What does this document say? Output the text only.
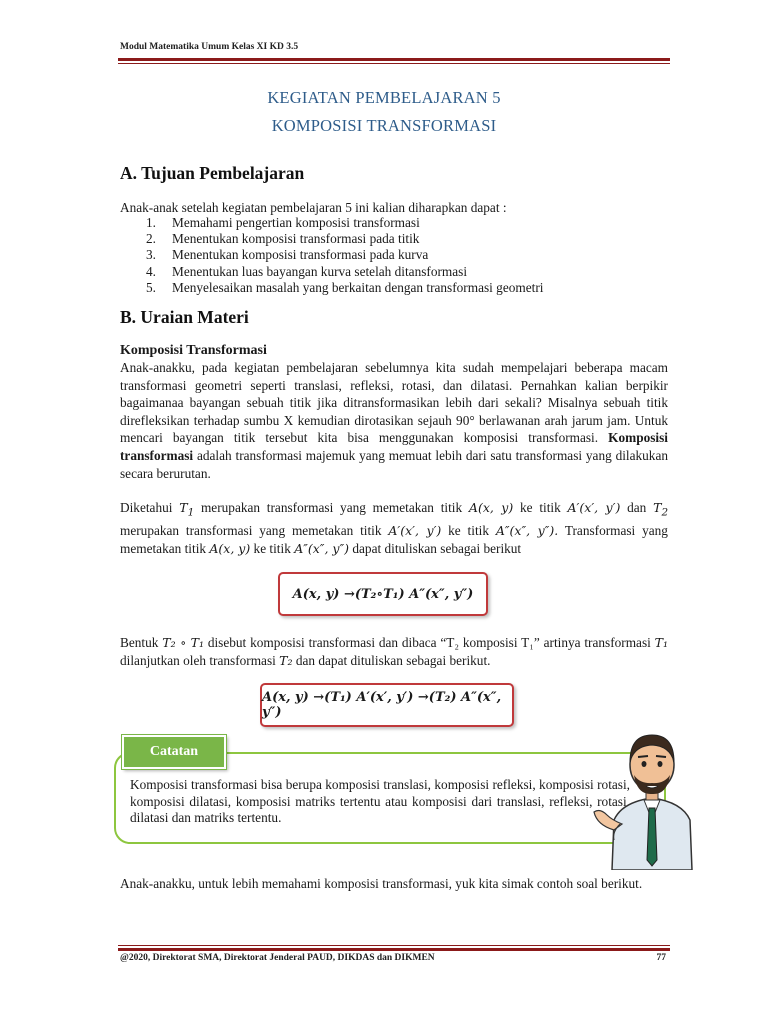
Modul Matematika Umum Kelas XI KD 3.5
KEGIATAN PEMBELAJARAN 5
KOMPOSISI TRANSFORMASI
A. Tujuan Pembelajaran
Anak-anak setelah kegiatan pembelajaran 5 ini kalian diharapkan dapat :
1.	Memahami pengertian komposisi transformasi
2.	Menentukan komposisi transformasi pada titik
3.	Menentukan komposisi transformasi pada kurva
4.	Menentukan luas bayangan kurva setelah ditansformasi
5.	Menyelesaikan masalah yang berkaitan dengan transformasi geometri
B. Uraian Materi
Komposisi Transformasi
Anak-anakku, pada kegiatan pembelajaran sebelumnya kita sudah mempelajari beberapa macam transformasi geometri seperti translasi, refleksi, rotasi, dan dilatasi. Pernahkan kalian berpikir bagaimanaa bayangan sebuah titik jika ditransformasikan lebih dari sekali? Misalnya sebuah titik direfleksikan terhadap sumbu X kemudian dirotasikan sejauh 90° berlawanan arah jarum jam. Untuk mencari bayangan titik tersebut kita bisa menggunakan komposisi transformasi. Komposisi transformasi adalah transformasi majemuk yang memuat lebih dari satu transformasi yang dilakukan secara berurutan.
Diketahui $T_1$ merupakan transformasi yang memetakan titik A(x, y) ke titik A′(x′, y′) dan $T_2$ merupakan transformasi yang memetakan titik A′(x′, y′) ke titik A″(x″, y″). Transformasi yang memetakan titik A(x, y) ke titik A″(x″, y″) dapat dituliskan sebagai berikut
A(x, y) →(T₂∘T₁) A″(x″, y″)
Bentuk T₂ ∘ T₁ disebut komposisi transformasi dan dibaca “T₂ komposisi T₁” artinya transformasi T₁ dilanjutkan oleh transformasi T₂ dan dapat dituliskan sebagai berikut.
A(x, y) →(T₁) A′(x′, y′) →(T₂) A″(x″, y″)
Catatan
Komposisi transformasi bisa berupa komposisi translasi, komposisi refleksi, komposisi rotasi, komposisi dilatasi, komposisi matriks tertentu atau komposisi dari translasi, refleksi, rotasi, dilatasi dan matriks tertentu.
Anak-anakku, untuk lebih memahami komposisi transformasi, yuk kita simak contoh soal berikut.
@2020, Direktorat SMA, Direktorat Jenderal PAUD, DIKDAS dan DIKMEN	77
